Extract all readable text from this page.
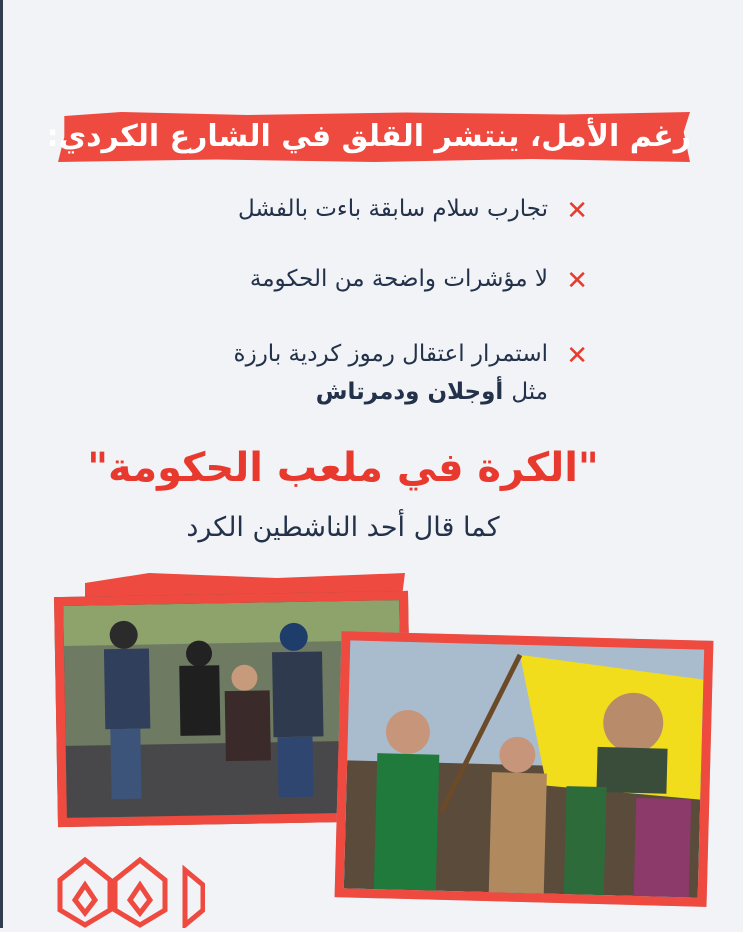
رغم الأمل، ينتشر القلق في الشارع الكردي:
✕
تجارب سلام سابقة باءت بالفشل
✕
لا مؤشرات واضحة من الحكومة
✕
استمرار اعتقال رموز كردية بارزة
مثل أوجلان ودمرتاش
"الكرة في ملعب الحكومة"
كما قال أحد الناشطين الكرد
